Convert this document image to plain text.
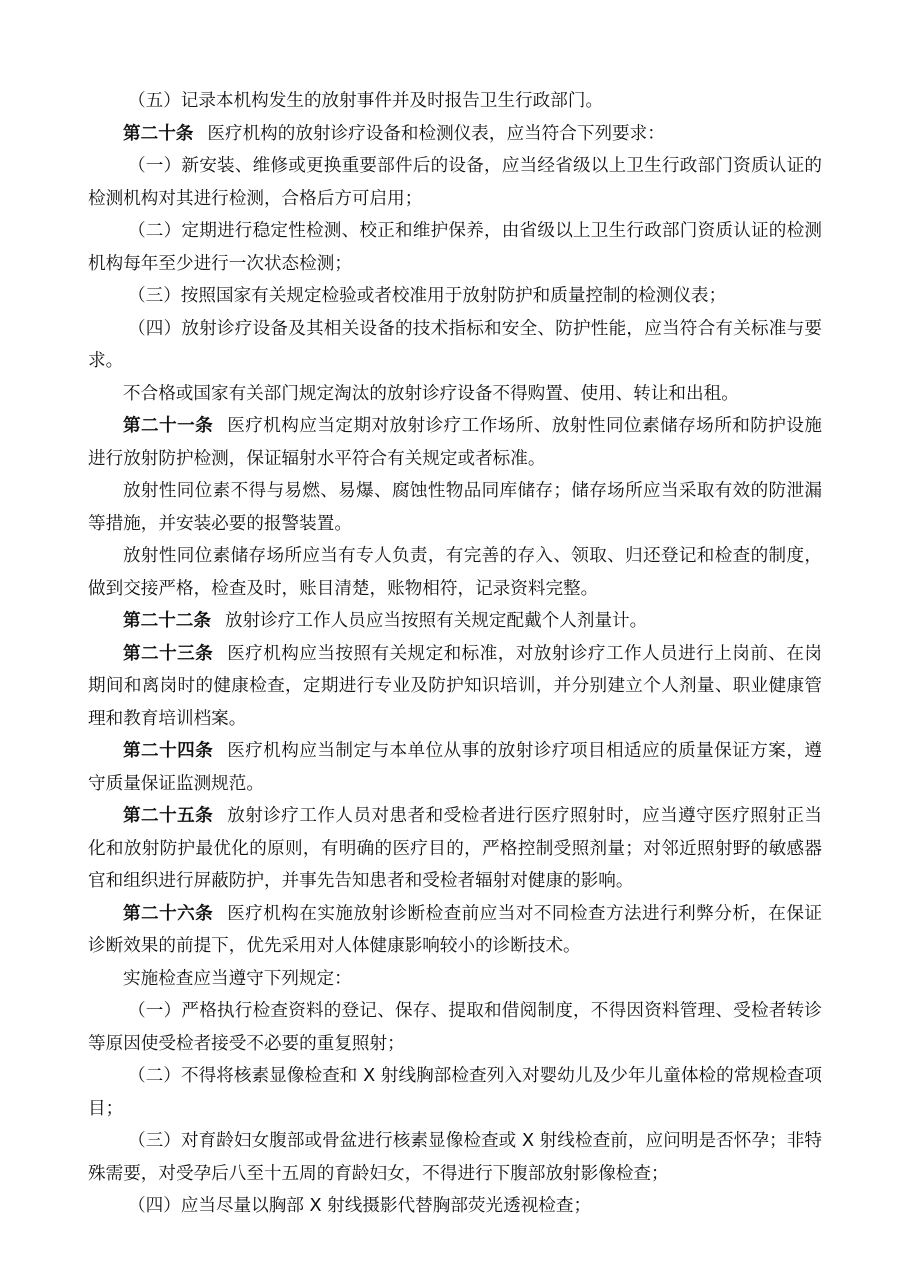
（五）记录本机构发生的放射事件并及时报告卫生行政部门。

第二十条 医疗机构的放射诊疗设备和检测仪表，应当符合下列要求：

（一）新安装、维修或更换重要部件后的设备，应当经省级以上卫生行政部门资质认证的检测机构对其进行检测，合格后方可启用；

（二）定期进行稳定性检测、校正和维护保养，由省级以上卫生行政部门资质认证的检测机构每年至少进行一次状态检测；

（三）按照国家有关规定检验或者校准用于放射防护和质量控制的检测仪表；

（四）放射诊疗设备及其相关设备的技术指标和安全、防护性能，应当符合有关标准与要求。

不合格或国家有关部门规定淘汰的放射诊疗设备不得购置、使用、转让和出租。

第二十一条 医疗机构应当定期对放射诊疗工作场所、放射性同位素储存场所和防护设施进行放射防护检测，保证辐射水平符合有关规定或者标准。

放射性同位素不得与易燃、易爆、腐蚀性物品同库储存；储存场所应当采取有效的防泄漏等措施，并安装必要的报警装置。

放射性同位素储存场所应当有专人负责，有完善的存入、领取、归还登记和检查的制度，做到交接严格，检查及时，账目清楚，账物相符，记录资料完整。

第二十二条 放射诊疗工作人员应当按照有关规定配戴个人剂量计。

第二十三条 医疗机构应当按照有关规定和标准，对放射诊疗工作人员进行上岗前、在岗期间和离岗时的健康检查，定期进行专业及防护知识培训，并分别建立个人剂量、职业健康管理和教育培训档案。

第二十四条 医疗机构应当制定与本单位从事的放射诊疗项目相适应的质量保证方案，遵守质量保证监测规范。

第二十五条 放射诊疗工作人员对患者和受检者进行医疗照射时，应当遵守医疗照射正当化和放射防护最优化的原则，有明确的医疗目的，严格控制受照剂量；对邻近照射野的敏感器官和组织进行屏蔽防护，并事先告知患者和受检者辐射对健康的影响。

第二十六条 医疗机构在实施放射诊断检查前应当对不同检查方法进行利弊分析，在保证诊断效果的前提下，优先采用对人体健康影响较小的诊断技术。

实施检查应当遵守下列规定：

（一）严格执行检查资料的登记、保存、提取和借阅制度，不得因资料管理、受检者转诊等原因使受检者接受不必要的重复照射；

（二）不得将核素显像检查和 X 射线胸部检查列入对婴幼儿及少年儿童体检的常规检查项目；

（三）对育龄妇女腹部或骨盆进行核素显像检查或 X 射线检查前，应问明是否怀孕；非特殊需要，对受孕后八至十五周的育龄妇女，不得进行下腹部放射影像检查；

（四）应当尽量以胸部 X 射线摄影代替胸部荧光透视检查；
